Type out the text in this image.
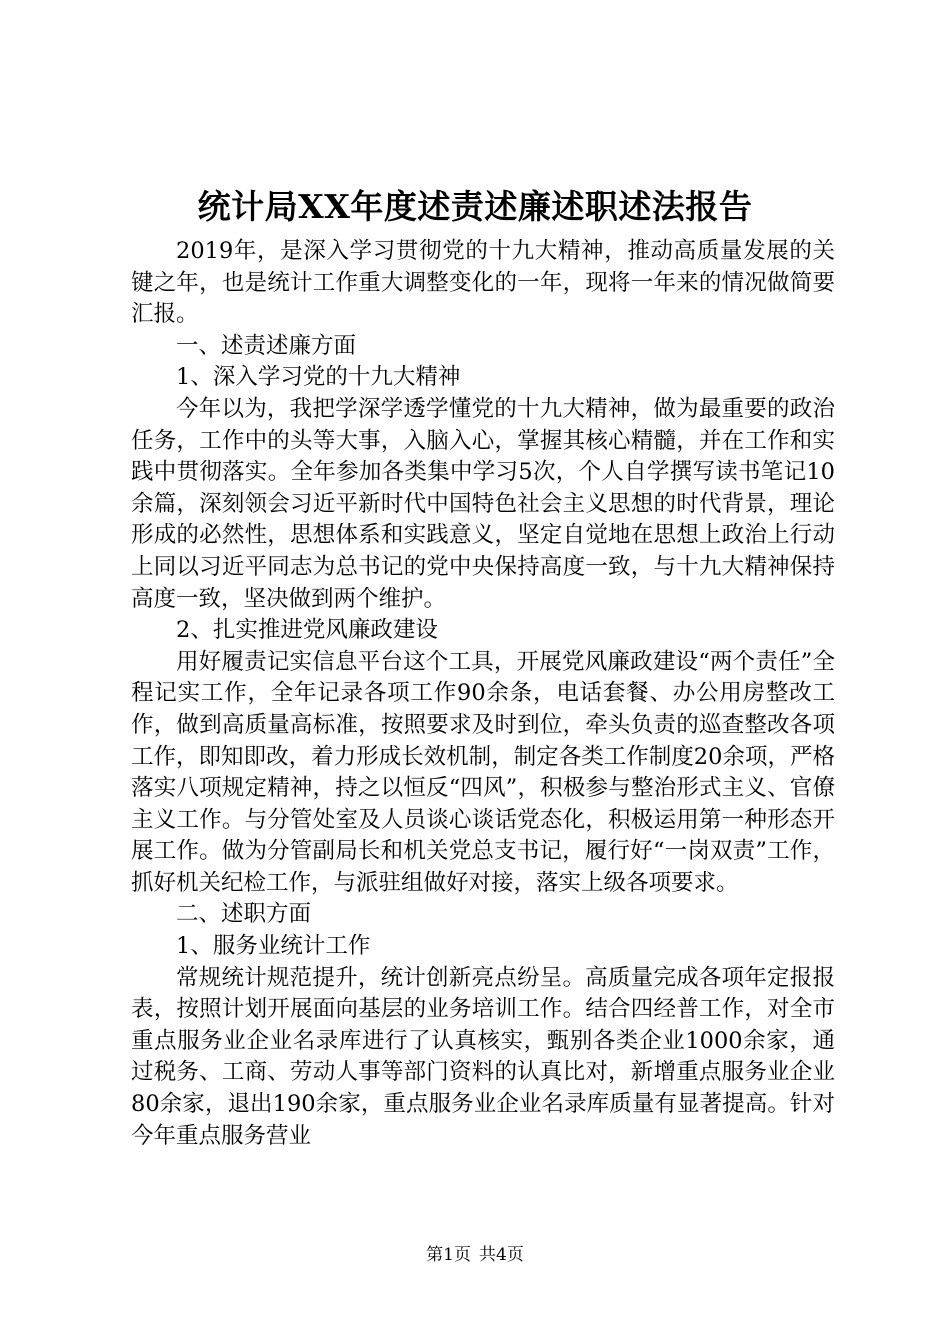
统计局XX年度述责述廉述职述法报告

2019年，是深入学习贯彻党的十九大精神，推动高质量发展的关键之年，也是统计工作重大调整变化的一年，现将一年来的情况做简要汇报。

一、述责述廉方面

1、深入学习党的十九大精神

今年以为，我把学深学透学懂党的十九大精神，做为最重要的政治任务，工作中的头等大事，入脑入心，掌握其核心精髓，并在工作和实践中贯彻落实。全年参加各类集中学习5次，个人自学撰写读书笔记10余篇，深刻领会习近平新时代中国特色社会主义思想的时代背景，理论形成的必然性，思想体系和实践意义，坚定自觉地在思想上政治上行动上同以习近平同志为总书记的党中央保持高度一致，与十九大精神保持高度一致，坚决做到两个维护。

2、扎实推进党风廉政建设

用好履责记实信息平台这个工具，开展党风廉政建设“两个责任”全程记实工作，全年记录各项工作90余条，电话套餐、办公用房整改工作，做到高质量高标准，按照要求及时到位，牵头负责的巡查整改各项工作，即知即改，着力形成长效机制，制定各类工作制度20余项，严格落实八项规定精神，持之以恒反“四风”，积极参与整治形式主义、官僚主义工作。与分管处室及人员谈心谈话党态化，积极运用第一种形态开展工作。做为分管副局长和机关党总支书记，履行好“一岗双责”工作，抓好机关纪检工作，与派驻组做好对接，落实上级各项要求。

二、述职方面

1、服务业统计工作

常规统计规范提升，统计创新亮点纷呈。高质量完成各项年定报报表，按照计划开展面向基层的业务培训工作。结合四经普工作，对全市重点服务业企业名录库进行了认真核实，甄别各类企业1000余家，通过税务、工商、劳动人事等部门资料的认真比对，新增重点服务业企业80余家，退出190余家，重点服务业企业名录库质量有显著提高。针对今年重点服务营业

第1页 共4页
